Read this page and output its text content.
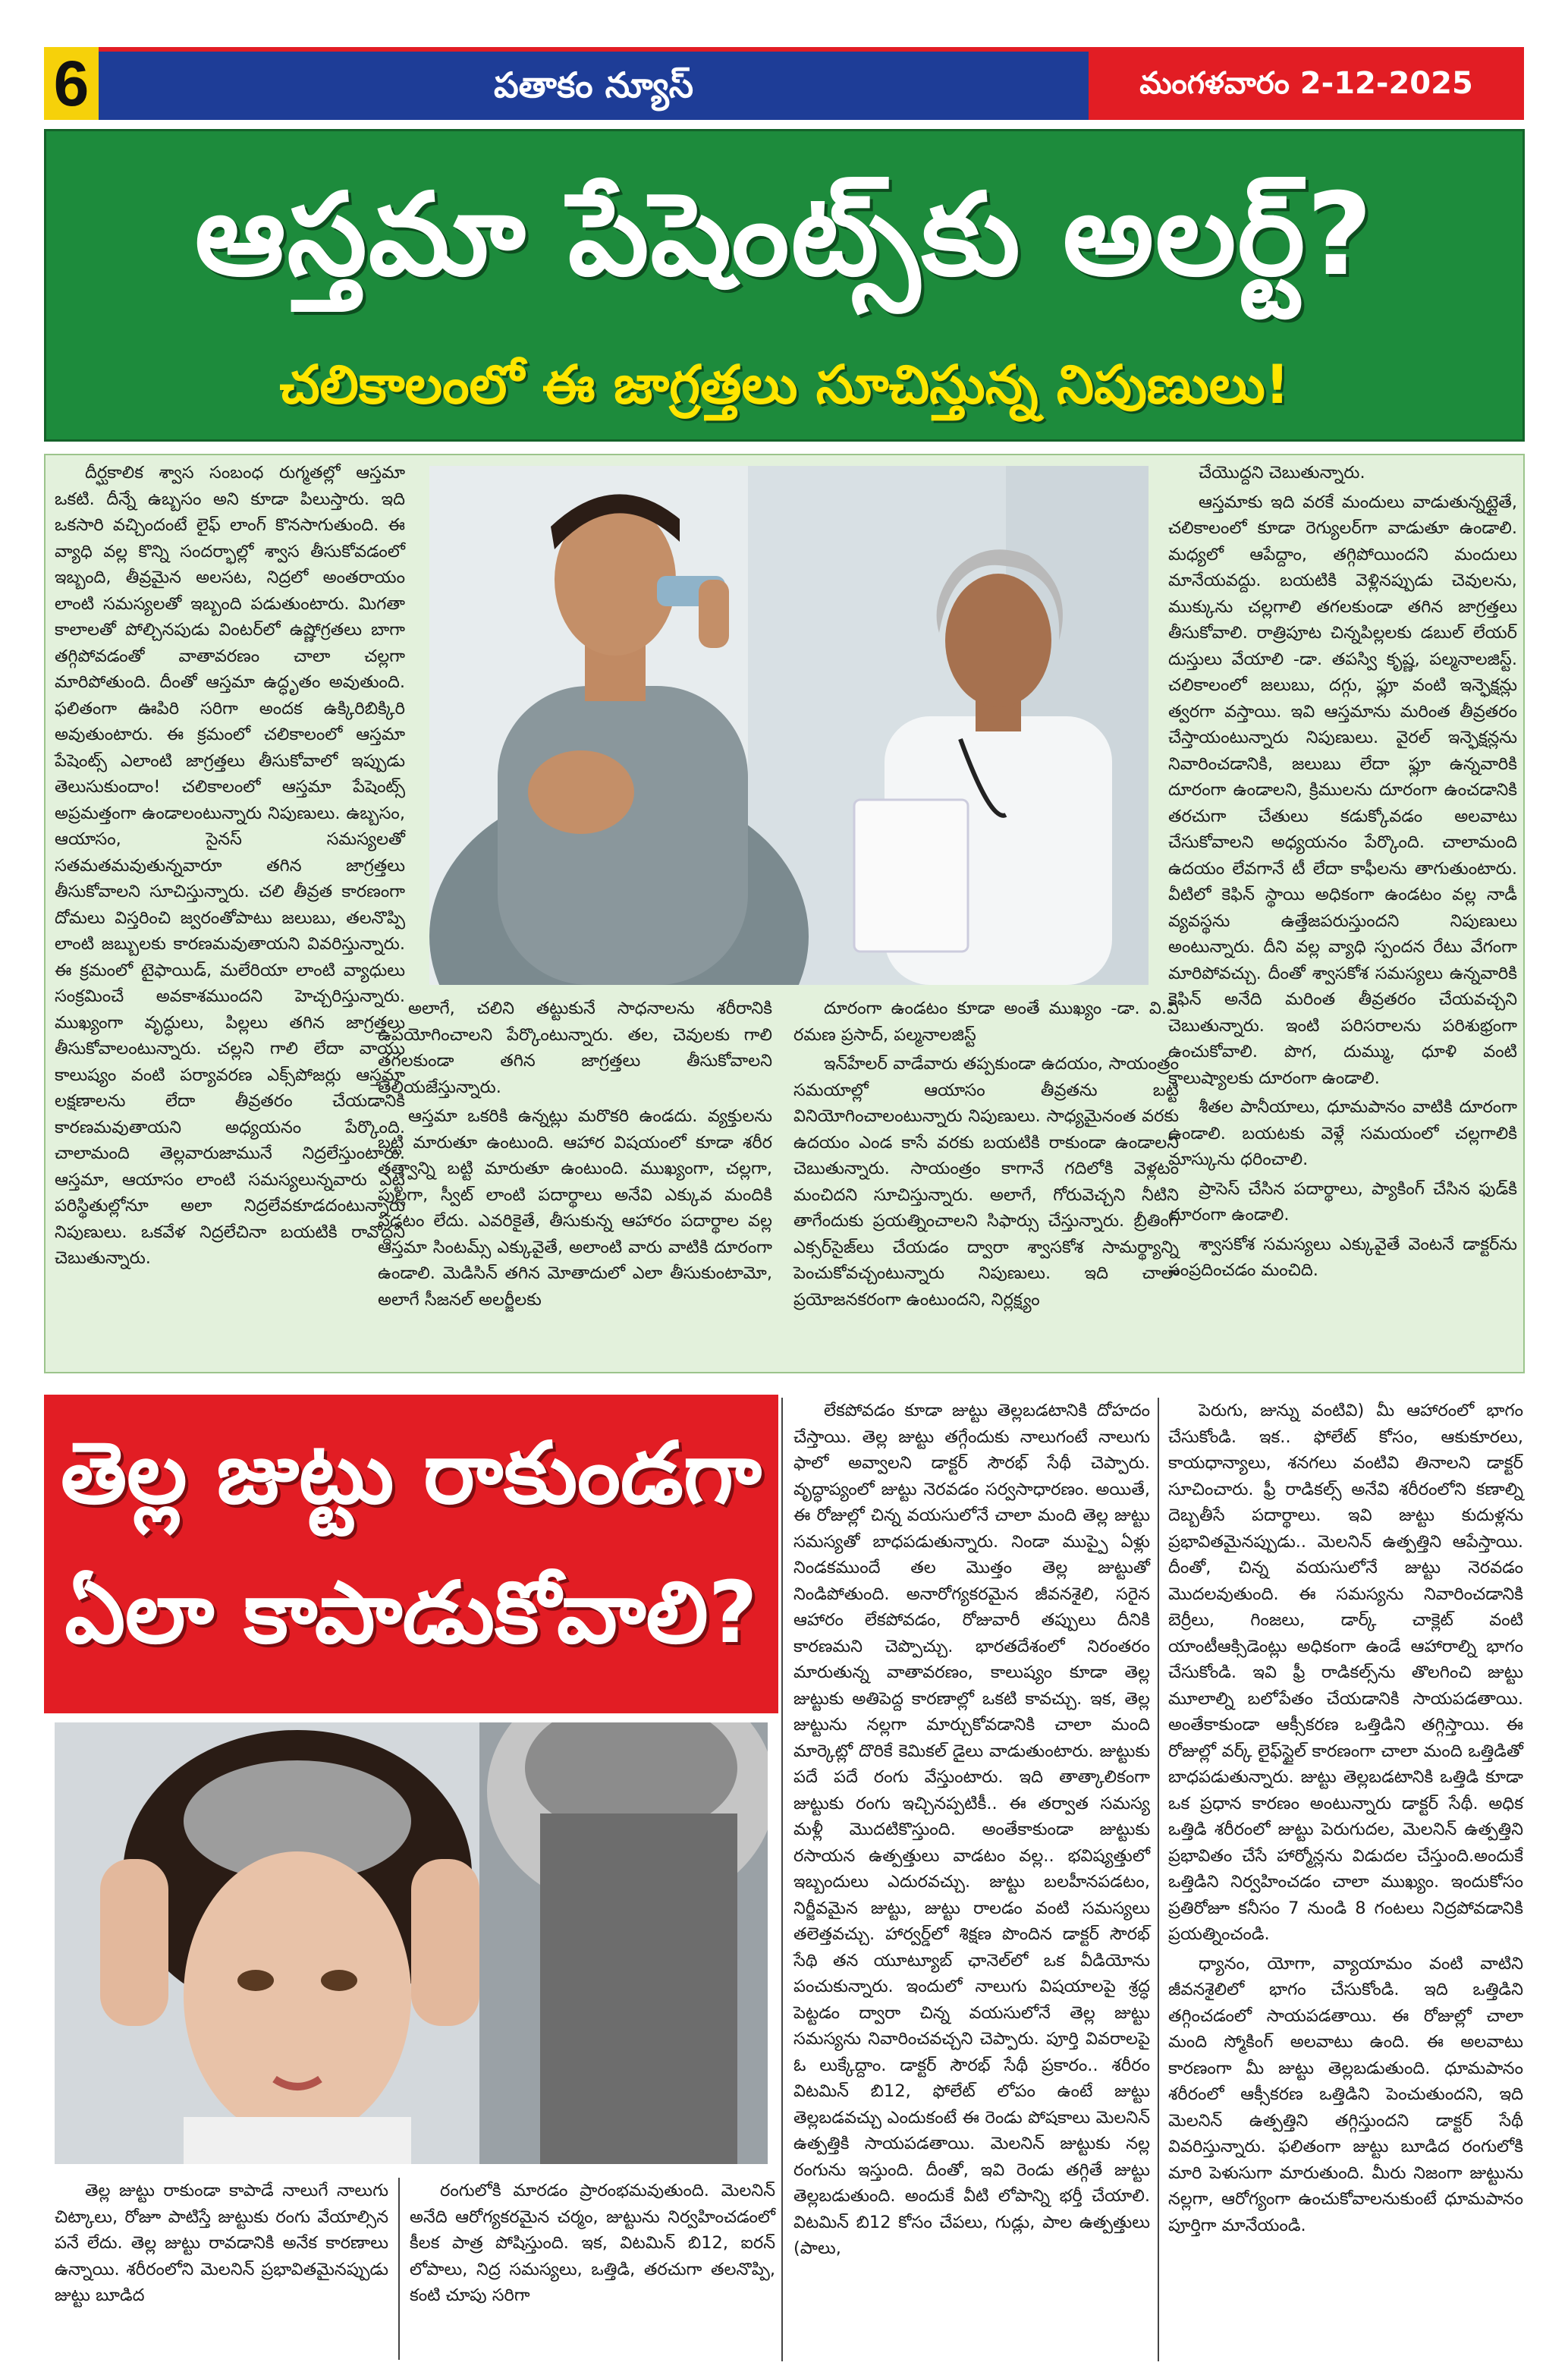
6	పతాకం న్యూస్	మంగళవారం 2-12-2025
ఆస్తమా పేషెంట్స్‌కు అలర్ట్?
చలికాలంలో ఈ జాగ్రత్తలు సూచిస్తున్న నిపుణులు!

దీర్ఘకాలిక శ్వాస సంబంధ రుగ్మతల్లో ఆస్తమా ఒకటి. దీన్నే ఉబ్బసం అని కూడా పిలుస్తారు. ఇది ఒకసారి వచ్చిందంటే లైఫ్ లాంగ్ కొనసాగుతుంది. ఈ వ్యాధి వల్ల కొన్ని సందర్భాల్లో శ్వాస తీసుకోవడంలో ఇబ్బంది, తీవ్రమైన అలసట, నిద్రలో అంతరాయం లాంటి సమస్యలతో ఇబ్బంది పడుతుంటారు. మిగతా కాలాలతో పోల్చినపుడు వింటర్‌లో ఉష్ణోగ్రతలు బాగా తగ్గిపోవడంతో వాతావరణం చాలా చల్లగా మారిపోతుంది. దీంతో ఆస్తమా ఉద్ధృతం అవుతుంది. ఫలితంగా ఊపిరి సరిగా అందక ఉక్కిరిబిక్కిరి అవుతుంటారు. ఈ క్రమంలో చలికాలంలో ఆస్తమా పేషెంట్స్ ఎలాంటి జాగ్రత్తలు తీసుకోవాలో ఇప్పుడు తెలుసుకుందాం! చలికాలంలో ఆస్తమా పేషెంట్స్ అప్రమత్తంగా ఉండాలంటున్నారు నిపుణులు. ఉబ్బసం, ఆయాసం, సైనస్ సమస్యలతో సతమతమవుతున్నవారూ తగిన జాగ్రత్తలు తీసుకోవాలని సూచిస్తున్నారు. చలి తీవ్రత కారణంగా దోమలు విస్తరించి జ్వరంతోపాటు జలుబు, తలనొప్పి లాంటి జబ్బులకు కారణమవుతాయని వివరిస్తున్నారు. ఈ క్రమంలో టైఫాయిడ్, మలేరియా లాంటి వ్యాధులు సంక్రమించే అవకాశముందని హెచ్చరిస్తున్నారు. ముఖ్యంగా వృద్ధులు, పిల్లలు తగిన జాగ్రత్తలు తీసుకోవాలంటున్నారు. చల్లని గాలి లేదా వాయు కాలుష్యం వంటి పర్యావరణ ఎక్స్‌పోజర్లు ఆస్తమా లక్షణాలను లేదా తీవ్రతరం చేయడానికి కారణమవుతాయని అధ్యయనం పేర్కొంది. చాలామంది తెల్లవారుజామునే నిద్రలేస్తుంటారు. ఆస్తమా, ఆయాసం లాంటి సమస్యలున్నవారు ఎట్టి పరిస్థితుల్లోనూ అలా నిద్రలేవకూడదంటున్నారు నిపుణులు. ఒకవేళ నిద్రలేచినా బయటికి రావొద్దని చెబుతున్నారు.

అలాగే, చలిని తట్టుకునే సాధనాలను శరీరానికి ఉపయోగించాలని పేర్కొంటున్నారు. తల, చెవులకు గాలి తగలకుండా తగిన జాగ్రత్తలు తీసుకోవాలని తెలియజేస్తున్నారు.

ఆస్తమా ఒకరికి ఉన్నట్లు మరొకరి ఉండదు. వ్యక్తులను బట్టి మారుతూ ఉంటుంది. ఆహార విషయంలో కూడా శరీర తత్వాన్ని బట్టి మారుతూ ఉంటుంది. ముఖ్యంగా, చల్లగా, పుల్లగా, స్వీట్ లాంటి పదార్థాలు అనేవి ఎక్కువ మందికి పడటం లేదు. ఎవరికైతే, తీసుకున్న ఆహారం పదార్థాల వల్ల ఆస్తమా సింటమ్స్ ఎక్కువైతే, అలాంటి వారు వాటికి దూరంగా ఉండాలి. మెడిసిన్ తగిన మోతాదులో ఎలా తీసుకుంటామో, అలాగే సీజనల్ అలర్జీలకు

దూరంగా ఉండటం కూడా అంతే ముఖ్యం -డా. వి.వి రమణ ప్రసాద్, పల్మనాలజిస్ట్

ఇన్‌హేలర్ వాడేవారు తప్పకుండా ఉదయం, సాయంత్రం సమయాల్లో ఆయాసం తీవ్రతను బట్టి వినియోగించాలంటున్నారు నిపుణులు. సాధ్యమైనంత వరకు ఉదయం ఎండ కాసే వరకు బయటికి రాకుండా ఉండాలని చెబుతున్నారు. సాయంత్రం కాగానే గదిలోకి వెళ్లటం మంచిదని సూచిస్తున్నారు. అలాగే, గోరువెచ్చని నీటిని తాగేందుకు ప్రయత్నించాలని సిఫార్సు చేస్తున్నారు. బ్రీతింగ్ ఎక్సర్‌సైజ్‌లు చేయడం ద్వారా శ్వాసకోశ సామర్థ్యాన్ని పెంచుకోవచ్చంటున్నారు నిపుణులు. ఇది చాలా ప్రయోజనకరంగా ఉంటుందని, నిర్లక్ష్యం

చేయొద్దని చెబుతున్నారు.

ఆస్తమాకు ఇది వరకే మందులు వాడుతున్నట్లైతే, చలికాలంలో కూడా రెగ్యులర్‌గా వాడుతూ ఉండాలి. మధ్యలో ఆపేద్దాం, తగ్గిపోయిందని మందులు మానేయవద్దు. బయటికి వెళ్లినప్పుడు చెవులను, ముక్కును చల్లగాలి తగలకుండా తగిన జాగ్రత్తలు తీసుకోవాలి. రాత్రిపూట చిన్నపిల్లలకు డబుల్ లేయర్ దుస్తులు వేయాలి -డా. తపస్వి కృష్ణ, పల్మనాలజిస్ట్. చలికాలంలో జలుబు, దగ్గు, ఫ్లూ వంటి ఇన్ఫెక్షన్లు త్వరగా వస్తాయి. ఇవి ఆస్తమాను మరింత తీవ్రతరం చేస్తాయంటున్నారు నిపుణులు. వైరల్ ఇన్ఫెక్షన్లను నివారించడానికి, జలుబు లేదా ఫ్లూ ఉన్నవారికి దూరంగా ఉండాలని, క్రిములను దూరంగా ఉంచడానికి తరచుగా చేతులు కడుక్కోవడం అలవాటు చేసుకోవాలని అధ్యయనం పేర్కొంది. చాలామంది ఉదయం లేవగానే టీ లేదా కాఫీలను తాగుతుంటారు. వీటిలో కెఫిన్ స్థాయి అధికంగా ఉండటం వల్ల నాడీ వ్యవస్థను ఉత్తేజపరుస్తుందని నిపుణులు అంటున్నారు. దీని వల్ల వ్యాధి స్పందన రేటు వేగంగా మారిపోవచ్చు. దీంతో శ్వాసకోశ సమస్యలు ఉన్నవారికి కెఫిన్ అనేది మరింత తీవ్రతరం చేయవచ్చని చెబుతున్నారు. ఇంటి పరిసరాలను పరిశుభ్రంగా ఉంచుకోవాలి. పొగ, దుమ్ము, ధూళి వంటి కాలుష్యాలకు దూరంగా ఉండాలి.

శీతల పానీయాలు, ధూమపానం వాటికి దూరంగా ఉండాలి. బయటకు వెళ్లే సమయంలో చల్లగాలికి మాస్కును ధరించాలి.

ప్రాసెస్ చేసిన పదార్థాలు, ప్యాకింగ్ చేసిన ఫుడ్‌కి దూరంగా ఉండాలి.

శ్వాసకోశ సమస్యలు ఎక్కువైతే వెంటనే డాక్టర్‌ను సంప్రదించడం మంచిది.

తెల్ల జుట్టు రాకుండగా
ఏలా కాపాడుకోవాలి?

తెల్ల జుట్టు రాకుండా కాపాడే నాలుగే నాలుగు చిట్కాలు, రోజూ పాటిస్తే జుట్టుకు రంగు వేయాల్సిన పనే లేదు. తెల్ల జుట్టు రావడానికి అనేక కారణాలు ఉన్నాయి. శరీరంలోని మెలనిన్ ప్రభావితమైనప్పుడు జుట్టు బూడిద

రంగులోకి మారడం ప్రారంభమవుతుంది. మెలనిన్ అనేది ఆరోగ్యకరమైన చర్మం, జుట్టును నిర్వహించడంలో కీలక పాత్ర పోషిస్తుంది. ఇక, విటమిన్ బి12, ఐరన్ లోపాలు, నిద్ర సమస్యలు, ఒత్తిడి, తరచుగా తలనొప్పి, కంటి చూపు సరిగా

లేకపోవడం కూడా జుట్టు తెల్లబడటానికి దోహదం చేస్తాయి. తెల్ల జుట్టు తగ్గేందుకు నాలుగంటే నాలుగు ఫాలో అవ్వాలని డాక్టర్ సౌరభ్ సేథీ చెప్పారు. వృద్ధాప్యంలో జుట్టు నెరవడం సర్వసాధారణం. అయితే, ఈ రోజుల్లో చిన్న వయసులోనే చాలా మంది తెల్ల జుట్టు సమస్యతో బాధపడుతున్నారు. నిండా ముప్పై ఏళ్లు నిండకముందే తల మొత్తం తెల్ల జుట్టుతో నిండిపోతుంది. అనారోగ్యకరమైన జీవనశైలి, సరైన ఆహారం లేకపోవడం, రోజువారీ తప్పులు దీనికి కారణమని చెప్పొచ్చు. భారతదేశంలో నిరంతరం మారుతున్న వాతావరణం, కాలుష్యం కూడా తెల్ల జుట్టుకు అతిపెద్ద కారణాల్లో ఒకటి కావచ్చు. ఇక, తెల్ల జుట్టును నల్లగా మార్చుకోవడానికి చాలా మంది మార్కెట్లో దొరికే కెమికల్ డైలు వాడుతుంటారు. జుట్టుకు పదే పదే రంగు వేస్తుంటారు. ఇది తాత్కాలికంగా జుట్టుకు రంగు ఇచ్చినప్పటికీ.. ఈ తర్వాత సమస్య మళ్లీ మొదటికొస్తుంది. అంతేకాకుండా జుట్టుకు రసాయన ఉత్పత్తులు వాడటం వల్ల.. భవిష్యత్తులో ఇబ్బందులు ఎదురవచ్చు. జుట్టు బలహీనపడటం, నిర్జీవమైన జుట్టు, జుట్టు రాలడం వంటి సమస్యలు తలెత్తవచ్చు. హార్వర్డ్‌లో శిక్షణ పొందిన డాక్టర్ సౌరభ్ సేథి తన యూట్యూబ్ ఛానెల్‌లో ఒక వీడియోను పంచుకున్నారు. ఇందులో నాలుగు విషయాలపై శ్రద్ధ పెట్టడం ద్వారా చిన్న వయసులోనే తెల్ల జుట్టు సమస్యను నివారించవచ్చని చెప్పారు. పూర్తి వివరాలపై ఓ లుక్కేద్దాం. డాక్టర్ సౌరభ్ సేథీ ప్రకారం.. శరీరం విటమిన్ బి12, ఫోలేట్ లోపం ఉంటే జుట్టు తెల్లబడవచ్చు ఎందుకంటే ఈ రెండు పోషకాలు మెలనిన్ ఉత్పత్తికి సాయపడతాయి. మెలనిన్ జుట్టుకు నల్ల రంగును ఇస్తుంది. దీంతో, ఇవి రెండు తగ్గితే జుట్టు తెల్లబడుతుంది. అందుకే వీటి లోపాన్ని భర్తీ చేయాలి. విటమిన్ బి12 కోసం చేపలు, గుడ్లు, పాల ఉత్పత్తులు (పాలు,

పెరుగు, జున్ను వంటివి) మీ ఆహారంలో భాగం చేసుకోండి. ఇక.. ఫోలేట్ కోసం, ఆకుకూరలు, కాయధాన్యాలు, శనగలు వంటివి తినాలని డాక్టర్ సూచించారు. ఫ్రీ రాడికల్స్ అనేవి శరీరంలోని కణాల్ని దెబ్బతీసే పదార్థాలు. ఇవి జుట్టు కుదుళ్లను ప్రభావితమైనప్పుడు.. మెలనిన్ ఉత్పత్తిని ఆపేస్తాయి. దీంతో, చిన్న వయసులోనే జుట్టు నెరవడం మొదలవుతుంది. ఈ సమస్యను నివారించడానికి బెర్రీలు, గింజలు, డార్క్ చాక్లెట్ వంటి యాంటీఆక్సిడెంట్లు అధికంగా ఉండే ఆహారాల్ని భాగం చేసుకోండి. ఇవి ఫ్రీ రాడికల్స్‌ను తొలగించి జుట్టు మూలాల్ని బలోపేతం చేయడానికి సాయపడతాయి. అంతేకాకుండా ఆక్సీకరణ ఒత్తిడిని తగ్గిస్తాయి. ఈ రోజుల్లో వర్క్ లైఫ్‌స్టైల్ కారణంగా చాలా మంది ఒత్తిడితో బాధపడుతున్నారు. జుట్టు తెల్లబడటానికి ఒత్తిడి కూడా ఒక ప్రధాన కారణం అంటున్నారు డాక్టర్ సేథీ. అధిక ఒత్తిడి శరీరంలో జుట్టు పెరుగుదల, మెలనిన్ ఉత్పత్తిని ప్రభావితం చేసే హార్మోన్లను విడుదల చేస్తుంది.అందుకే ఒత్తిడిని నిర్వహించడం చాలా ముఖ్యం. ఇందుకోసం ప్రతిరోజూ కనీసం 7 నుండి 8 గంటలు నిద్రపోవడానికి ప్రయత్నించండి.

ధ్యానం, యోగా, వ్యాయామం వంటి వాటిని జీవనశైలిలో భాగం చేసుకోండి. ఇది ఒత్తిడిని తగ్గించడంలో సాయపడతాయి. ఈ రోజుల్లో చాలా మంది స్మోకింగ్ అలవాటు ఉంది. ఈ అలవాటు కారణంగా మీ జుట్టు తెల్లబడుతుంది. ధూమపానం శరీరంలో ఆక్సీకరణ ఒత్తిడిని పెంచుతుందని, ఇది మెలనిన్ ఉత్పత్తిని తగ్గిస్తుందని డాక్టర్ సేథీ వివరిస్తున్నారు. ఫలితంగా జుట్టు బూడిద రంగులోకి మారి పెళుసుగా మారుతుంది. మీరు నిజంగా జుట్టును నల్లగా, ఆరోగ్యంగా ఉంచుకోవాలనుకుంటే ధూమపానం పూర్తిగా మానేయండి.
